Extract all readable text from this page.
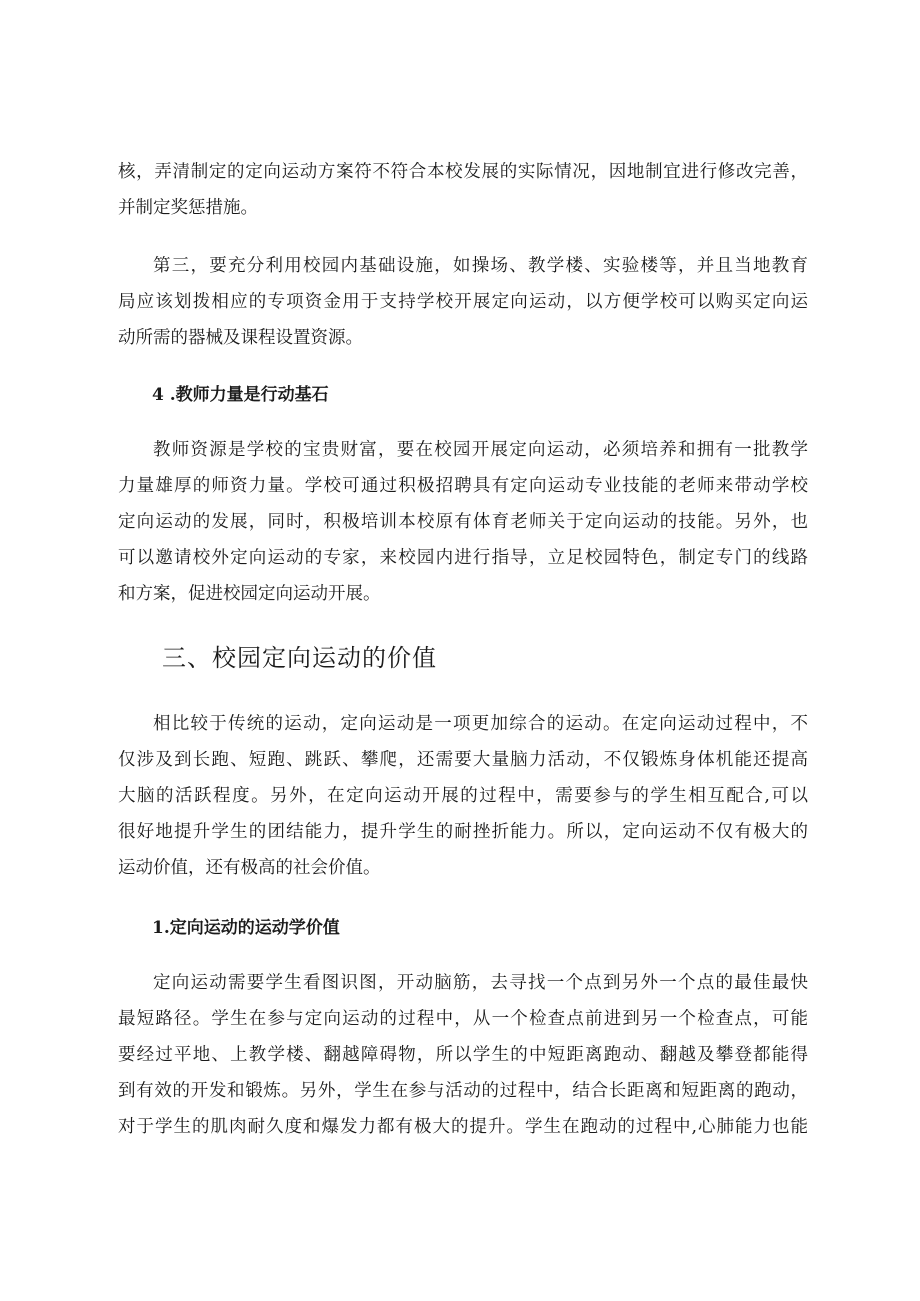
核，弄清制定的定向运动方案符不符合本校发展的实际情况，因地制宜进行修改完善，
并制定奖惩措施。

第三，要充分利用校园内基础设施，如操场、教学楼、实验楼等，并且当地教育
局应该划拨相应的专项资金用于支持学校开展定向运动，以方便学校可以购买定向运
动所需的器械及课程设置资源。

4 .教师力量是行动基石

教师资源是学校的宝贵财富，要在校园开展定向运动，必须培养和拥有一批教学
力量雄厚的师资力量。学校可通过积极招聘具有定向运动专业技能的老师来带动学校
定向运动的发展，同时，积极培训本校原有体育老师关于定向运动的技能。另外，也
可以邀请校外定向运动的专家，来校园内进行指导，立足校园特色，制定专门的线路
和方案，促进校园定向运动开展。

三、校园定向运动的价值

相比较于传统的运动，定向运动是一项更加综合的运动。在定向运动过程中，不
仅涉及到长跑、短跑、跳跃、攀爬，还需要大量脑力活动，不仅锻炼身体机能还提高
大脑的活跃程度。另外，在定向运动开展的过程中，需要参与的学生相互配合,可以
很好地提升学生的团结能力，提升学生的耐挫折能力。所以，定向运动不仅有极大的
运动价值，还有极高的社会价值。

1.定向运动的运动学价值

定向运动需要学生看图识图，开动脑筋，去寻找一个点到另外一个点的最佳最快
最短路径。学生在参与定向运动的过程中，从一个检查点前进到另一个检查点，可能
要经过平地、上教学楼、翻越障碍物，所以学生的中短距离跑动、翻越及攀登都能得
到有效的开发和锻炼。另外，学生在参与活动的过程中，结合长距离和短距离的跑动，
对于学生的肌肉耐久度和爆发力都有极大的提升。学生在跑动的过程中,心肺能力也能
